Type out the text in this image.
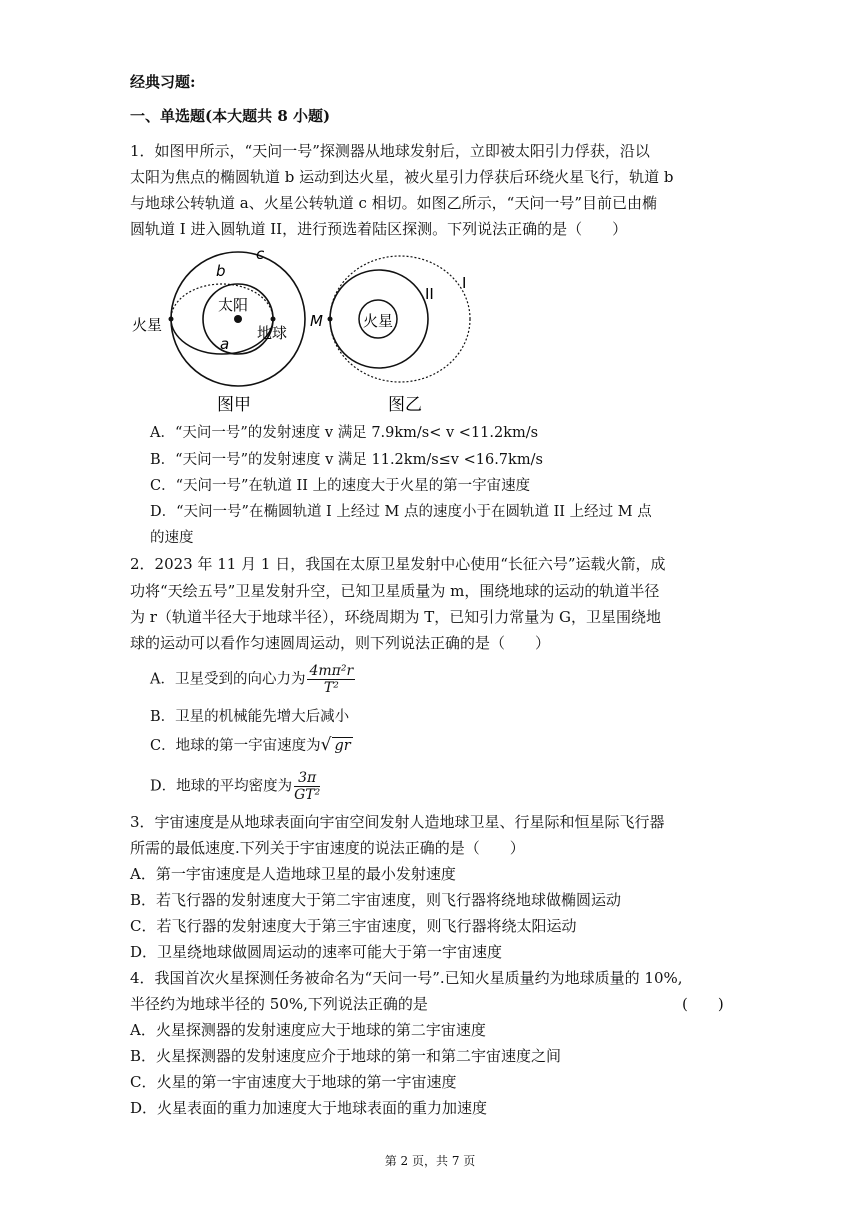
经典习题:
一、单选题(本大题共 8 小题)
1．如图甲所示，“天问一号”探测器从地球发射后，立即被太阳引力俘获，沿以
太阳为焦点的椭圆轨道 b 运动到达火星，被火星引力俘获后环绕火星飞行，轨道 b
与地球公转轨道 a、火星公转轨道 c 相切。如图乙所示，“天问一号”目前已由椭
圆轨道 I 进入圆轨道 II，进行预选着陆区探测。下列说法正确的是（　　）
c
b
太阳
火星	地球
a
图甲
II
I
M	火星
图乙
A．“天问一号”的发射速度 v 满足 7.9km/s< v <11.2km/s
B．“天问一号”的发射速度 v 满足 11.2km/s≤v <16.7km/s
C．“天问一号”在轨道 II 上的速度大于火星的第一宇宙速度
D．“天问一号”在椭圆轨道 I 上经过 M 点的速度小于在圆轨道 II 上经过 M 点
的速度
2．2023 年 11 月 1 日，我国在太原卫星发射中心使用“长征六号”运载火箭，成
功将“天绘五号”卫星发射升空，已知卫星质量为 m，围绕地球的运动的轨道半径
为 r（轨道半径大于地球半径），环绕周期为 T，已知引力常量为 G，卫星围绕地
球的运动可以看作匀速圆周运动，则下列说法正确的是（　　）
A．卫星受到的向心力为 $\frac{\text{4mπ²r}}{\text{T²}}$
B．卫星的机械能先增大后减小
C．地球的第一宇宙速度为√ gr
D．地球的平均密度为 $\frac{3\pi}{\text{GT²}}$
3．宇宙速度是从地球表面向宇宙空间发射人造地球卫星、行星际和恒星际飞行器
所需的最低速度.下列关于宇宙速度的说法正确的是（　　）
A．第一宇宙速度是人造地球卫星的最小发射速度
B．若飞行器的发射速度大于第二宇宙速度，则飞行器将绕地球做椭圆运动
C．若飞行器的发射速度大于第三宇宙速度，则飞行器将绕太阳运动
D．卫星绕地球做圆周运动的速率可能大于第一宇宙速度
4．我国首次火星探测任务被命名为“天问一号”.已知火星质量约为地球质量的 10%,
半径约为地球半径的 50%,下列说法正确的是	(　　)
A．火星探测器的发射速度应大于地球的第二宇宙速度
B．火星探测器的发射速度应介于地球的第一和第二宇宙速度之间
C．火星的第一宇宙速度大于地球的第一宇宙速度
D．火星表面的重力加速度大于地球表面的重力加速度
第 2 页，共 7 页
